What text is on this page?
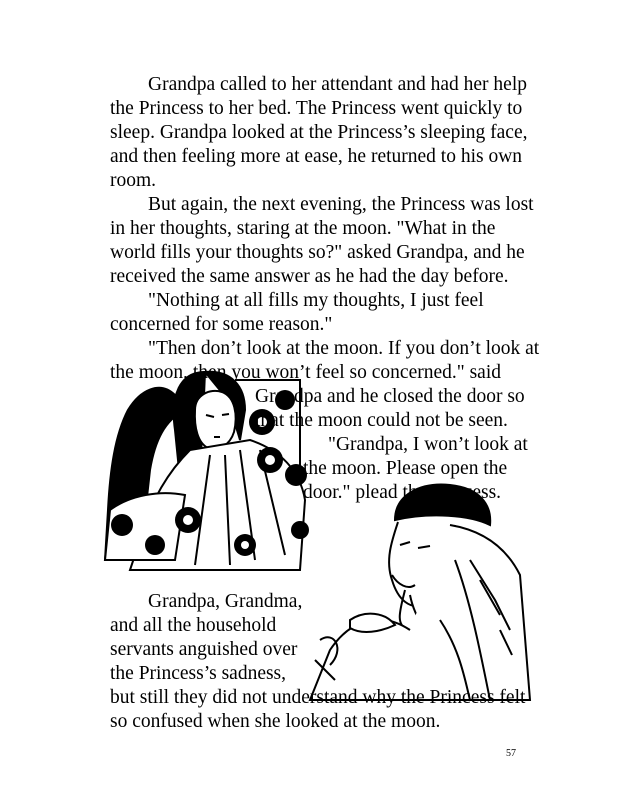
Grandpa called to her attendant and had her help
the Princess to her bed. The Princess went quickly to
sleep. Grandpa looked at the Princess’s sleeping face,
and then feeling more at ease, he returned to his own
room.
But again, the next evening, the Princess was lost
in her thoughts, staring at the moon. "What in the
world fills your thoughts so?" asked Grandpa, and he
received the same answer as he had the day before.
"Nothing at all fills my thoughts, I just feel
concerned for some reason."
"Then don’t look at the moon. If you don’t look at
the moon, then you won’t feel so concerned." said
Grandpa and he closed the door so
that the moon could not be seen.
"Grandpa, I won’t look at
the moon. Please open the
door." plead the Princess.
Grandpa, Grandma,
and all the household
servants anguished over
the Princess’s sadness,
but still they did not understand why the Princess felt
so confused when she looked at the moon.
57
